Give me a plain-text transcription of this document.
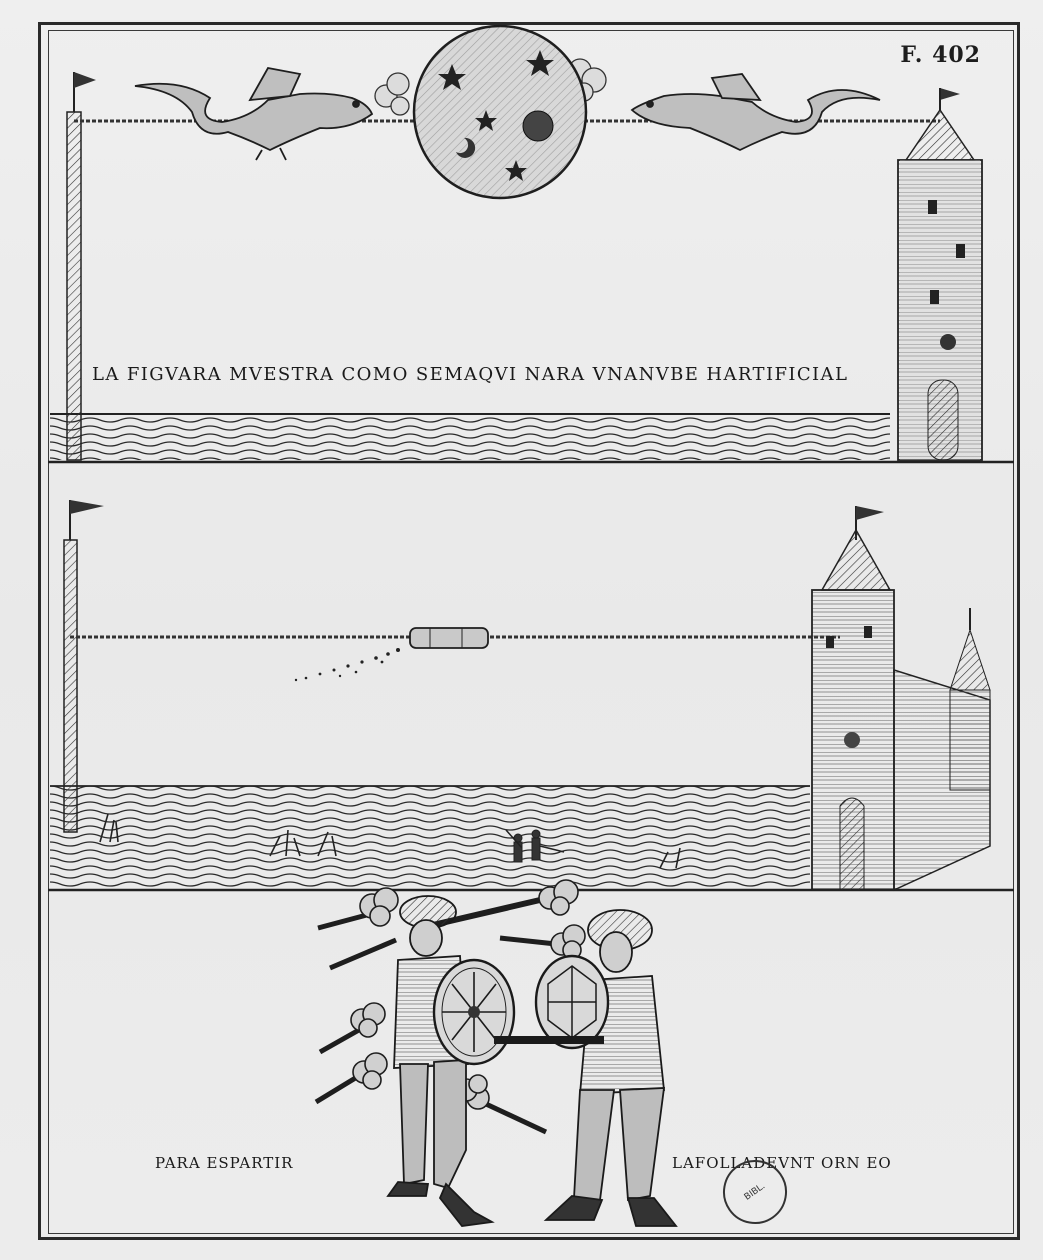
F. 402
LA FIGVARA MVESTRA COMO SEMAQVI NARA VNANVBE HARTIFICIAL
PARA ESPARTIR	LAFOLLADEVNT ORN EO
BIBL.
